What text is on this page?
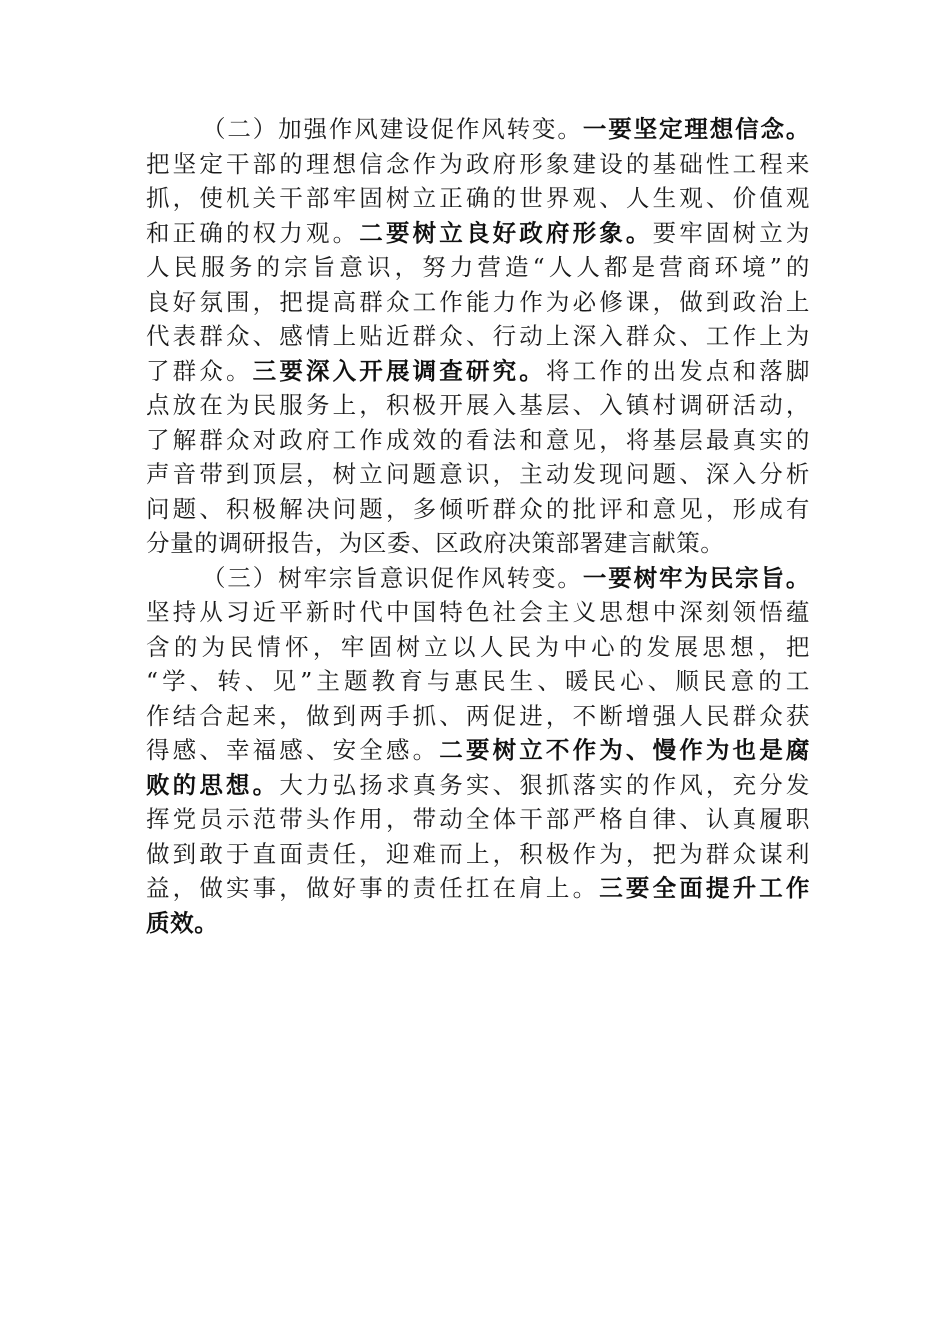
（二）加强作风建设促作风转变。一要坚定理想信念。
把坚定干部的理想信念作为政府形象建设的基础性工程来
抓，使机关干部牢固树立正确的世界观、人生观、价值观
和正确的权力观。二要树立良好政府形象。要牢固树立为
人民服务的宗旨意识，努力营造“人人都是营商环境”的
良好氛围，把提高群众工作能力作为必修课，做到政治上
代表群众、感情上贴近群众、行动上深入群众、工作上为
了群众。三要深入开展调查研究。将工作的出发点和落脚
点放在为民服务上，积极开展入基层、入镇村调研活动，
了解群众对政府工作成效的看法和意见，将基层最真实的
声音带到顶层，树立问题意识，主动发现问题、深入分析
问题、积极解决问题，多倾听群众的批评和意见，形成有
分量的调研报告，为区委、区政府决策部署建言献策。
（三）树牢宗旨意识促作风转变。一要树牢为民宗旨。
坚持从习近平新时代中国特色社会主义思想中深刻领悟蕴
含的为民情怀，牢固树立以人民为中心的发展思想，把
“学、转、见”主题教育与惠民生、暖民心、顺民意的工
作结合起来，做到两手抓、两促进，不断增强人民群众获
得感、幸福感、安全感。二要树立不作为、慢作为也是腐
败的思想。大力弘扬求真务实、狠抓落实的作风，充分发
挥党员示范带头作用，带动全体干部严格自律、认真履职
做到敢于直面责任，迎难而上，积极作为，把为群众谋利
益，做实事，做好事的责任扛在肩上。三要全面提升工作
质效。
